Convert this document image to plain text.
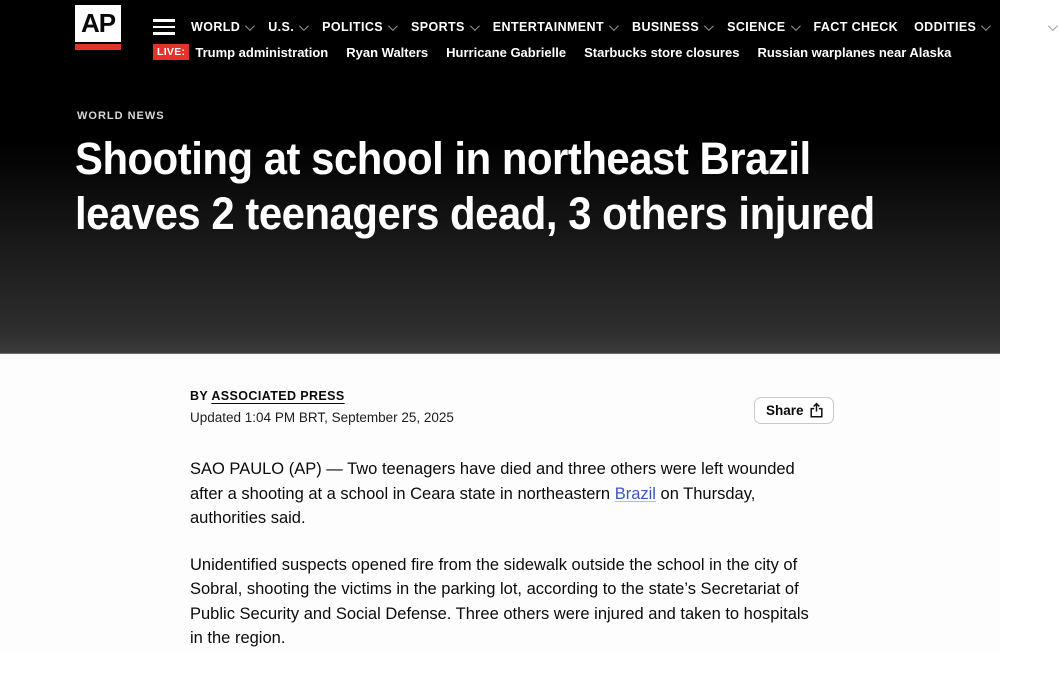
AP	WORLD U.S. POLITICS SPORTS ENTERTAINMENT BUSINESS SCIENCE FACT CHECK ODDITIES MORE
LIVE: Trump administration Ryan Walters Hurricane Gabrielle Starbucks store closures Russian warplanes near Alaska
WORLD NEWS
Shooting at school in northeast Brazil leaves 2 teenagers dead, 3 others injured
BY ASSOCIATED PRESS
Updated 1:04 PM BRT, September 25, 2025	Share

SAO PAULO (AP) — Two teenagers have died and three others were left wounded after a shooting at a school in Ceara state in northeastern Brazil on Thursday, authorities said.

Unidentified suspects opened fire from the sidewalk outside the school in the city of Sobral, shooting the victims in the parking lot, according to the state’s Secretariat of Public Security and Social Defense. Three others were injured and taken to hospitals in the region.
